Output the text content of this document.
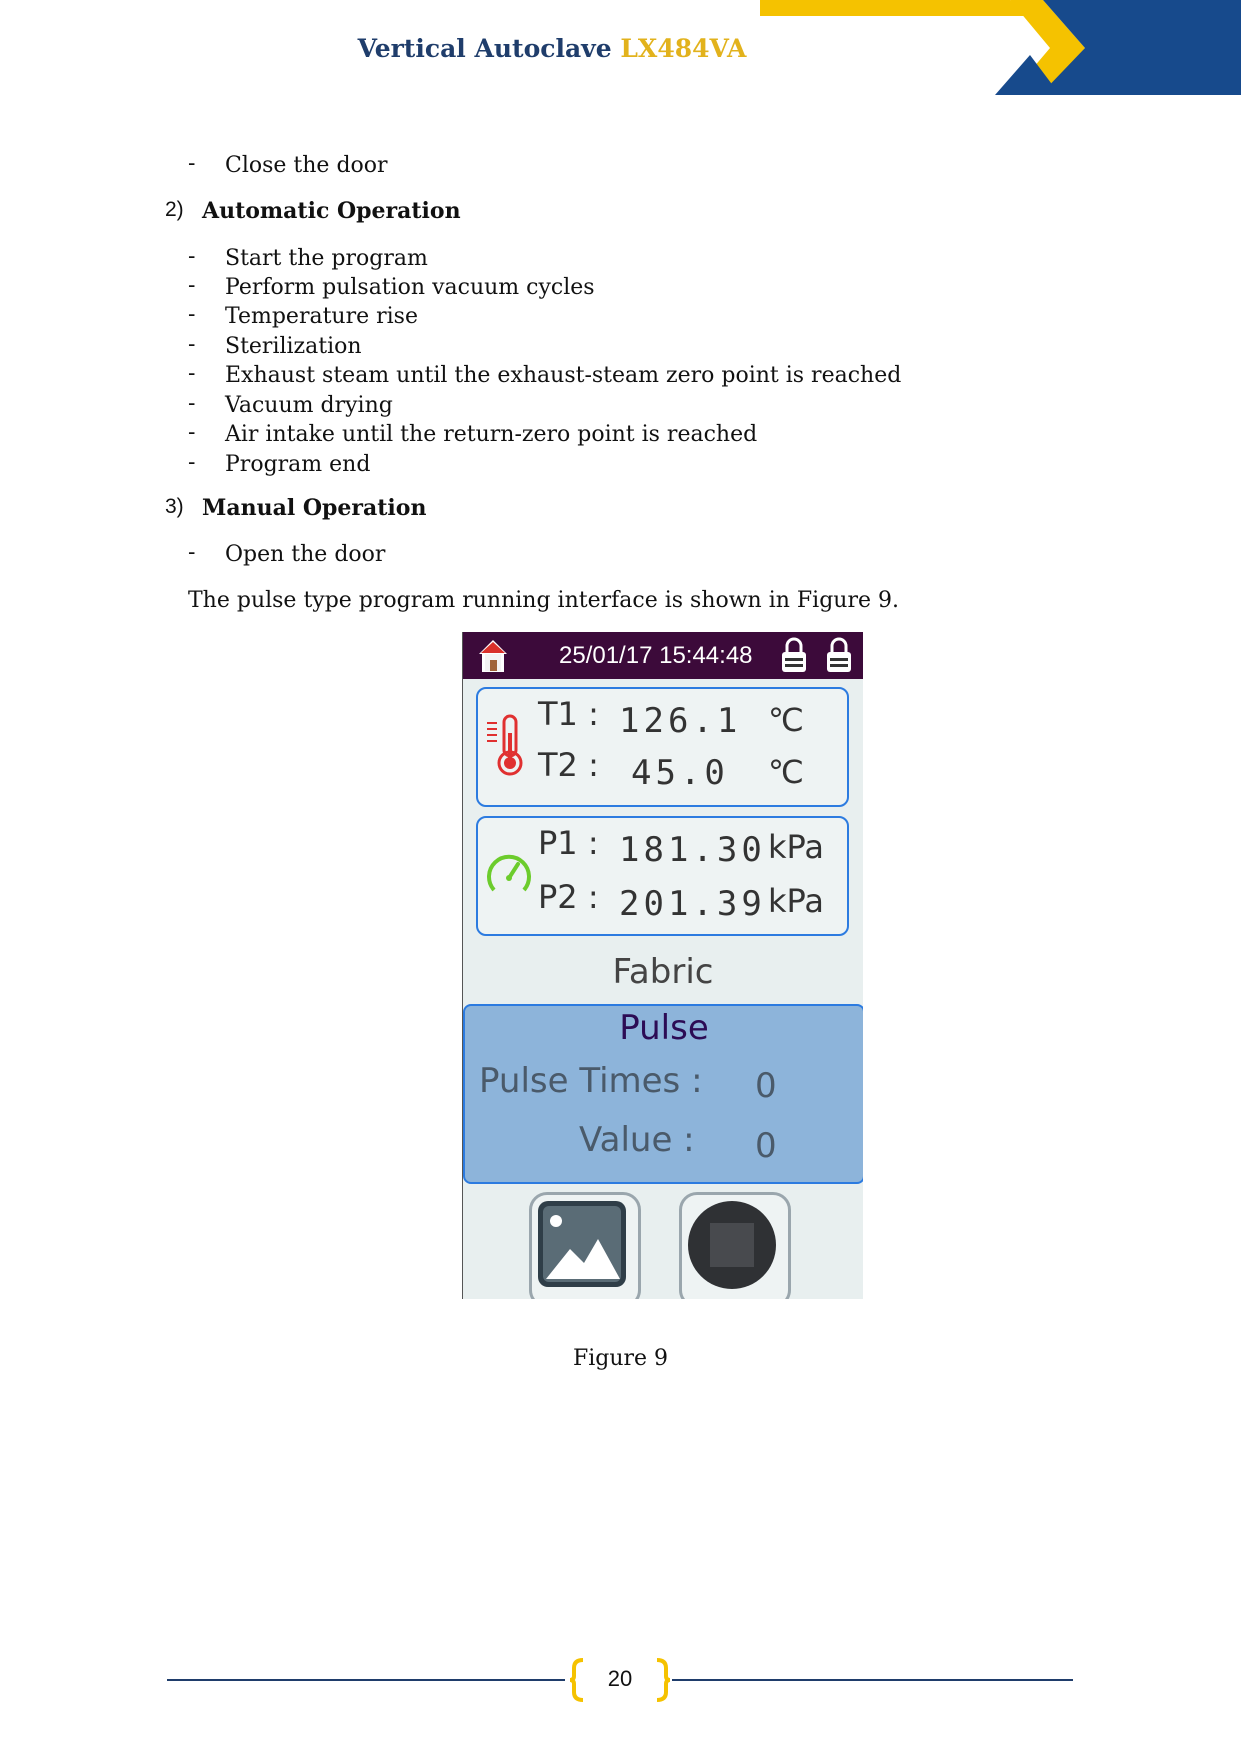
Vertical Autoclave LX484VA
- Close the door
2) Automatic Operation
- Start the program
- Perform pulsation vacuum cycles
- Temperature rise
- Sterilization
- Exhaust steam until the exhaust-steam zero point is reached
- Vacuum drying
- Air intake until the return-zero point is reached
- Program end
3) Manual Operation
- Open the door
The pulse type program running interface is shown in Figure 9.
25/01/17 15:44:48
T1 : 126.1 ℃
T2 : 45.0 ℃
P1 : 181.30 kPa
P2 : 201.39 kPa
Fabric
Pulse
Pulse Times : 0
Value : 0
Figure 9
20
